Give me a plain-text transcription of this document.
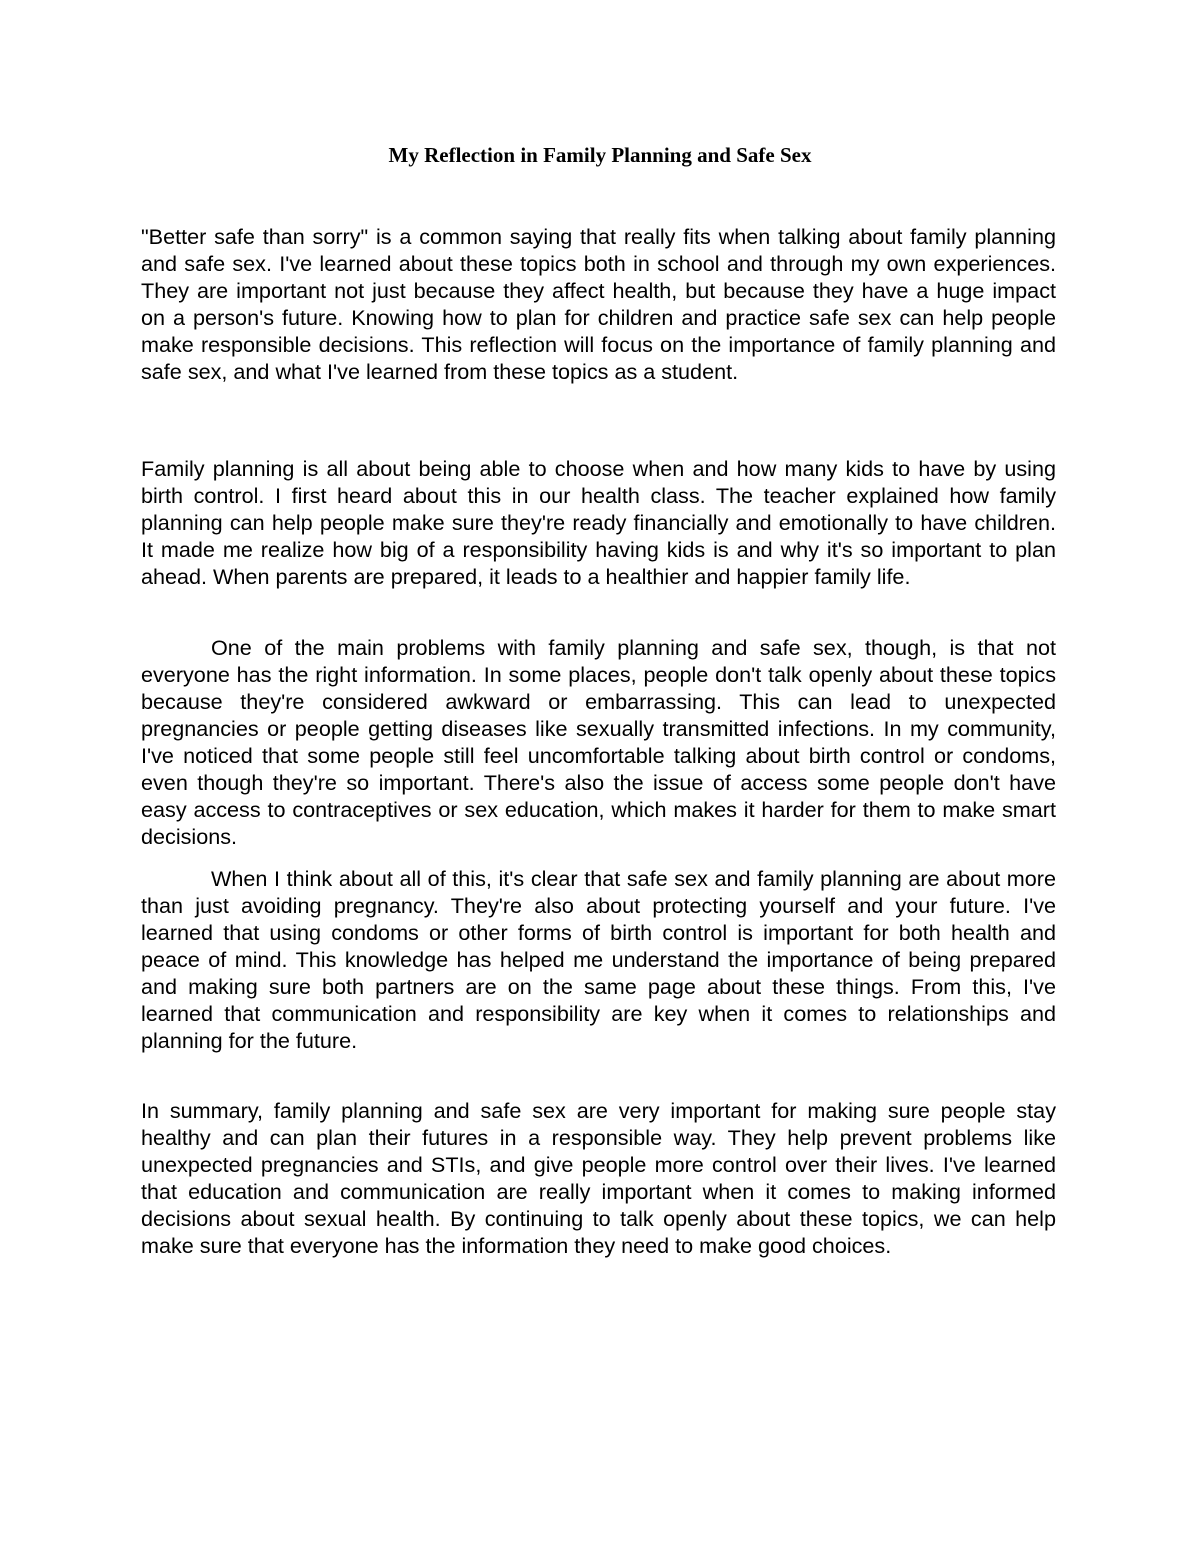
My Reflection in Family Planning and Safe Sex

"Better safe than sorry" is a common saying that really fits when talking about family planning and safe sex. I've learned about these topics both in school and through my own experiences. They are important not just because they affect health, but because they have a huge impact on a person's future. Knowing how to plan for children and practice safe sex can help people make responsible decisions. This reflection will focus on the importance of family planning and safe sex, and what I've learned from these topics as a student.

Family planning is all about being able to choose when and how many kids to have by using birth control. I first heard about this in our health class. The teacher explained how family planning can help people make sure they're ready financially and emotionally to have children. It made me realize how big of a responsibility having kids is and why it's so important to plan ahead. When parents are prepared, it leads to a healthier and happier family life.

One of the main problems with family planning and safe sex, though, is that not everyone has the right information. In some places, people don't talk openly about these topics because they're considered awkward or embarrassing. This can lead to unexpected pregnancies or people getting diseases like sexually transmitted infections. In my community, I've noticed that some people still feel uncomfortable talking about birth control or condoms, even though they're so important. There's also the issue of access some people don't have easy access to contraceptives or sex education, which makes it harder for them to make smart decisions.

When I think about all of this, it's clear that safe sex and family planning are about more than just avoiding pregnancy. They're also about protecting yourself and your future. I've learned that using condoms or other forms of birth control is important for both health and peace of mind. This knowledge has helped me understand the importance of being prepared and making sure both partners are on the same page about these things. From this, I've learned that communication and responsibility are key when it comes to relationships and planning for the future.

In summary, family planning and safe sex are very important for making sure people stay healthy and can plan their futures in a responsible way. They help prevent problems like unexpected pregnancies and STIs, and give people more control over their lives. I've learned that education and communication are really important when it comes to making informed decisions about sexual health. By continuing to talk openly about these topics, we can help make sure that everyone has the information they need to make good choices.
